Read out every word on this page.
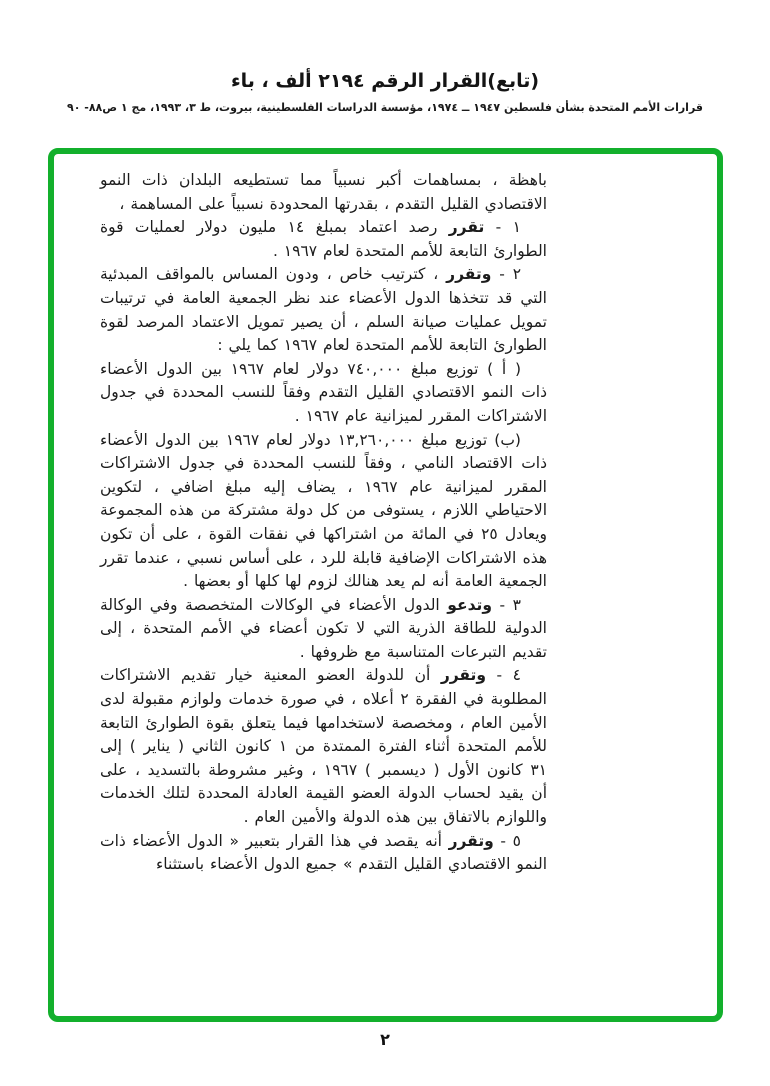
(تابع)القرار الرقم ٢١٩٤ ألف ، باء
قرارات الأمم المتحدة بشأن فلسطين ١٩٤٧ ــ ١٩٧٤، مؤسسة الدراسات الفلسطينية، بيروت، ط ٣، ١٩٩٣، مج ١ ص٨٨- ٩٠
باهظة ، بمساهمات أكبر نسبياً مما تستطيعه البلدان ذات النمو الاقتصادي القليل التقدم ، بقدرتها المحدودة نسبياً على المساهمة ،
١ - تقرر رصد اعتماد بمبلغ ١٤ مليون دولار لعمليات قوة الطوارئ التابعة للأمم المتحدة لعام ١٩٦٧ .
٢ - وتقرر ، كترتيب خاص ، ودون المساس بالمواقف المبدئية التي قد تتخذها الدول الأعضاء عند نظر الجمعية العامة في ترتيبات تمويل عمليات صيانة السلم ، أن يصير تمويل الاعتماد المرصد لقوة الطوارئ التابعة للأمم المتحدة لعام ١٩٦٧ كما يلي :
( أ ) توزيع مبلغ ٧٤٠,٠٠٠ دولار لعام ١٩٦٧ بين الدول الأعضاء ذات النمو الاقتصادي القليل التقدم وفقاً للنسب المحددة في جدول الاشتراكات المقرر لميزانية عام ١٩٦٧ .
(ب) توزيع مبلغ ١٣,٢٦٠,٠٠٠ دولار لعام ١٩٦٧ بين الدول الأعضاء ذات الاقتصاد النامي ، وفقاً للنسب المحددة في جدول الاشتراكات المقرر لميزانية عام ١٩٦٧ ، يضاف إليه مبلغ اضافي ، لتكوين الاحتياطي اللازم ، يستوفى من كل دولة مشتركة من هذه المجموعة ويعادل ٢٥ في المائة من اشتراكها في نفقات القوة ، على أن تكون هذه الاشتراكات الإضافية قابلة للرد ، على أساس نسبي ، عندما تقرر الجمعية العامة أنه لم يعد هنالك لزوم لها كلها أو بعضها .
٣ - وتدعو الدول الأعضاء في الوكالات المتخصصة وفي الوكالة الدولية للطاقة الذرية التي لا تكون أعضاء في الأمم المتحدة ، إلى تقديم التبرعات المتناسبة مع ظروفها .
٤ - وتقرر أن للدولة العضو المعنية خيار تقديم الاشتراكات المطلوبة في الفقرة ٢ أعلاه ، في صورة خدمات ولوازم مقبولة لدى الأمين العام ، ومخصصة لاستخدامها فيما يتعلق بقوة الطوارئ التابعة للأمم المتحدة أثناء الفترة الممتدة من ١ كانون الثاني ( يناير ) إلى ٣١ كانون الأول ( ديسمبر ) ١٩٦٧ ، وغير مشروطة بالتسديد ، على أن يقيد لحساب الدولة العضو القيمة العادلة المحددة لتلك الخدمات واللوازم بالاتفاق بين هذه الدولة والأمين العام .
٥ - وتقرر أنه يقصد في هذا القرار بتعبير « الدول الأعضاء ذات النمو الاقتصادي القليل التقدم » جميع الدول الأعضاء باستثناء
٢
